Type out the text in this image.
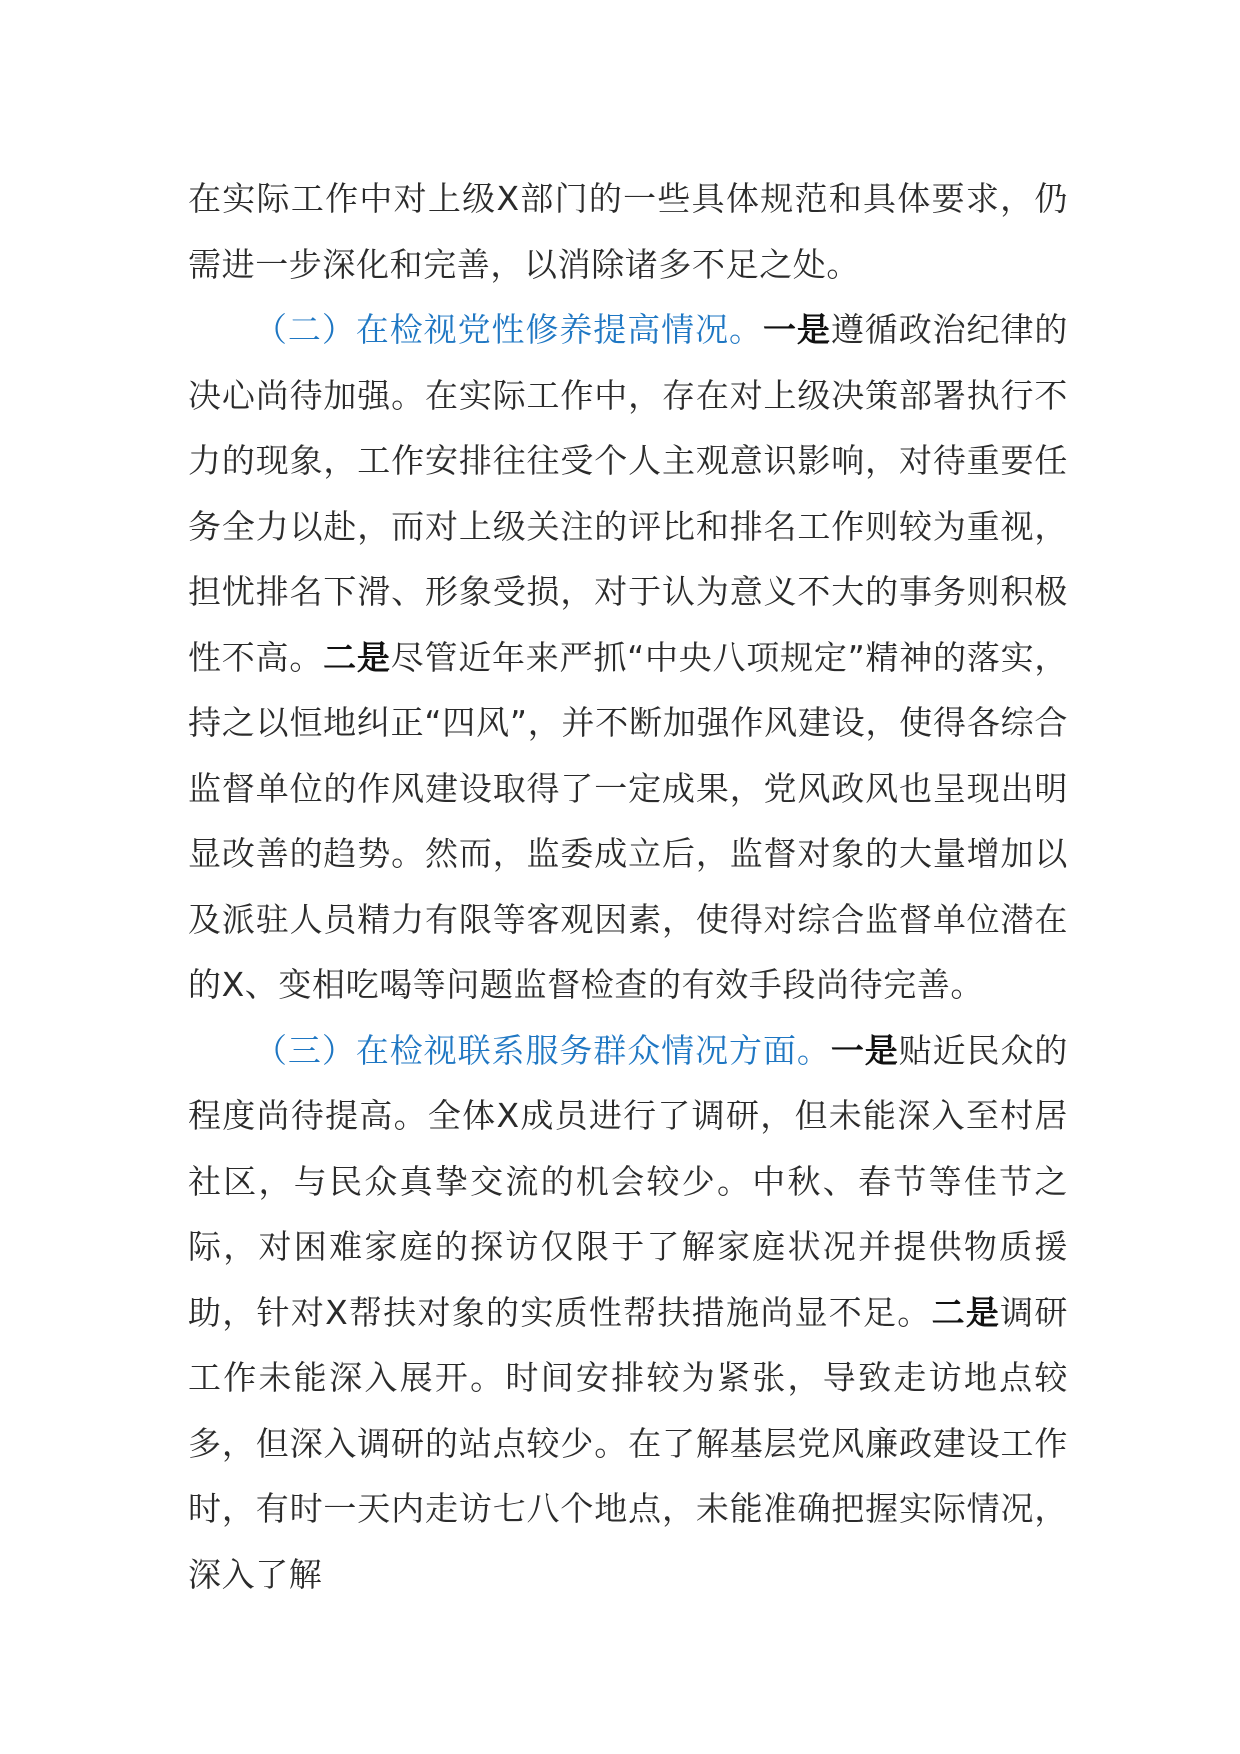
在实际工作中对上级X部门的一些具体规范和具体要求，仍需进一步深化和完善，以消除诸多不足之处。

（二）在检视党性修养提高情况。一是遵循政治纪律的决心尚待加强。在实际工作中，存在对上级决策部署执行不力的现象，工作安排往往受个人主观意识影响，对待重要任务全力以赴，而对上级关注的评比和排名工作则较为重视，担忧排名下滑、形象受损，对于认为意义不大的事务则积极性不高。二是尽管近年来严抓“中央八项规定”精神的落实，持之以恒地纠正“四风”，并不断加强作风建设，使得各综合监督单位的作风建设取得了一定成果，党风政风也呈现出明显改善的趋势。然而，监委成立后，监督对象的大量增加以及派驻人员精力有限等客观因素，使得对综合监督单位潜在的X、变相吃喝等问题监督检查的有效手段尚待完善。

（三）在检视联系服务群众情况方面。一是贴近民众的程度尚待提高。全体X成员进行了调研，但未能深入至村居社区，与民众真挚交流的机会较少。中秋、春节等佳节之际，对困难家庭的探访仅限于了解家庭状况并提供物质援助，针对X帮扶对象的实质性帮扶措施尚显不足。二是调研工作未能深入展开。时间安排较为紧张，导致走访地点较多，但深入调研的站点较少。在了解基层党风廉政建设工作时，有时一天内走访七八个地点，未能准确把握实际情况，深入了解
